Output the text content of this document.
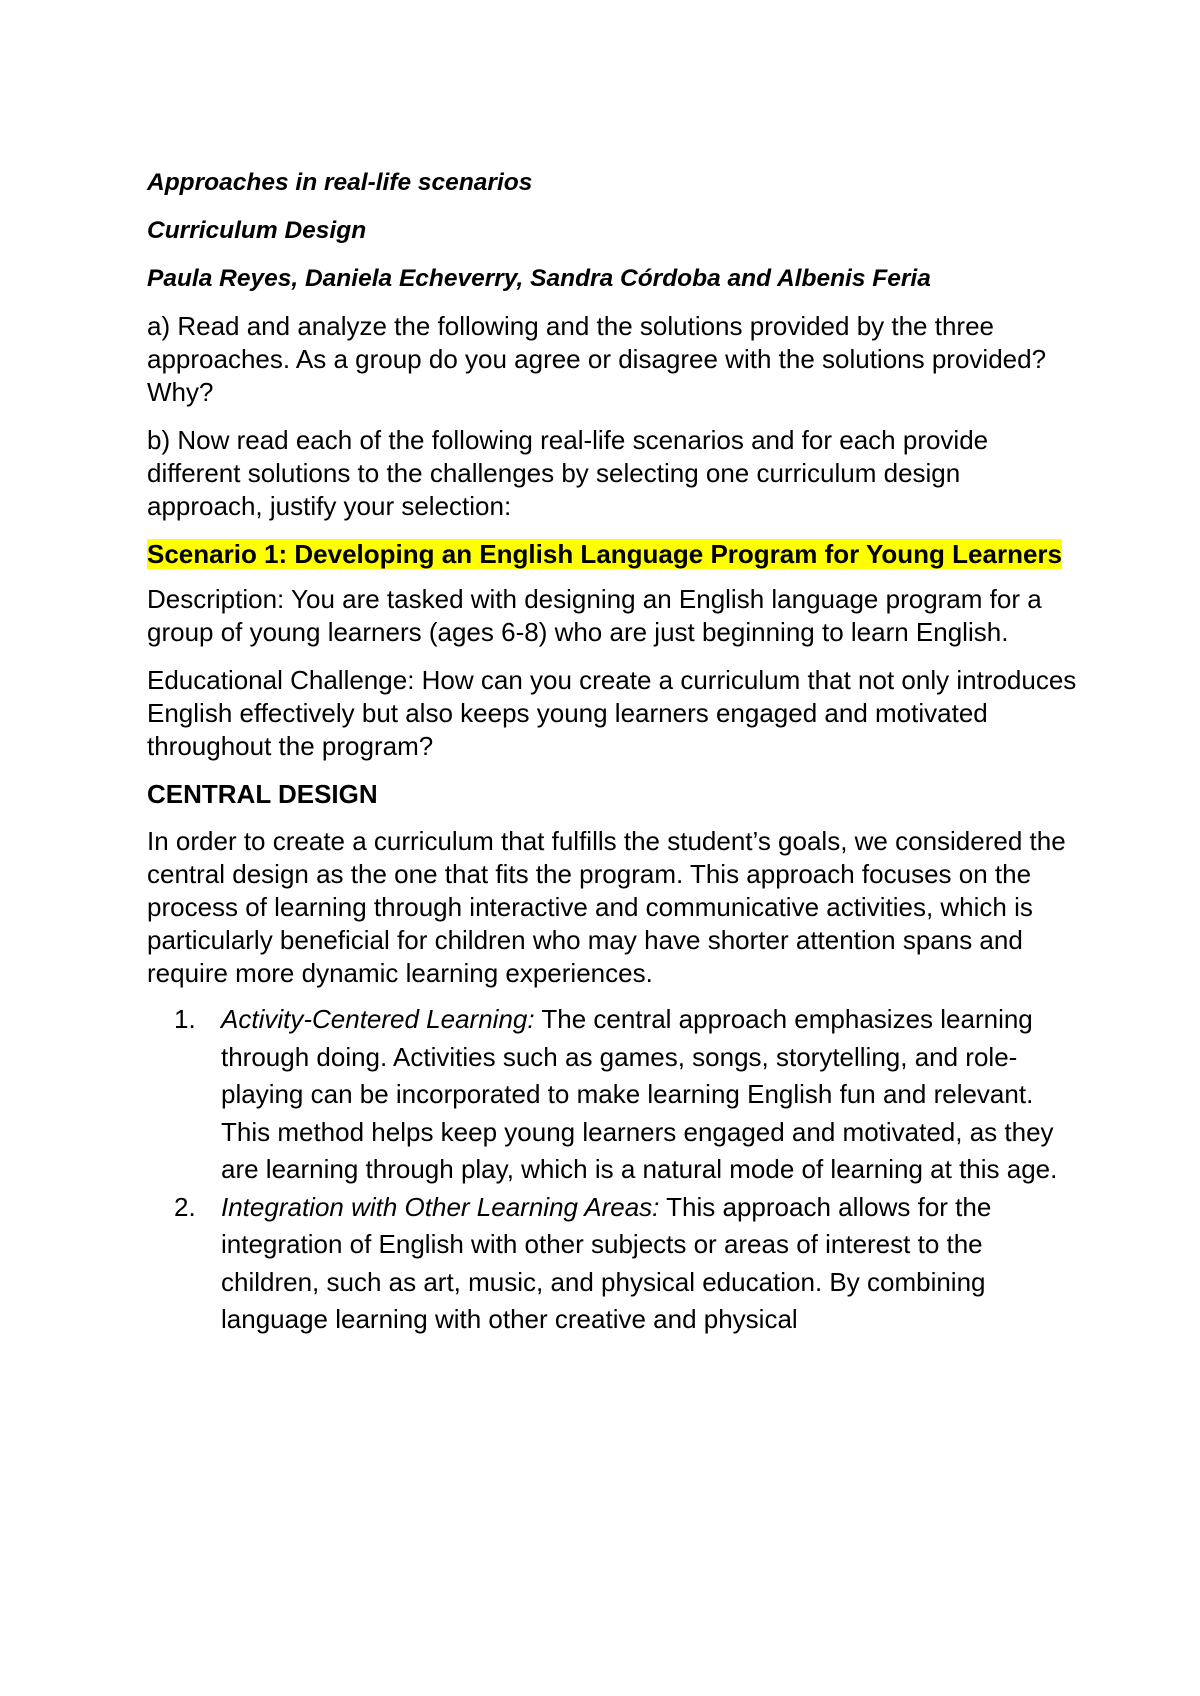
Approaches in real-life scenarios
Curriculum Design
Paula Reyes, Daniela Echeverry, Sandra Córdoba and Albenis Feria
a) Read and analyze the following and the solutions provided by the three approaches. As a group do you agree or disagree with the solutions provided? Why?
b) Now read each of the following real-life scenarios and for each provide different solutions to the challenges by selecting one curriculum design approach, justify your selection:
Scenario 1: Developing an English Language Program for Young Learners
Description: You are tasked with designing an English language program for a group of young learners (ages 6-8) who are just beginning to learn English.
Educational Challenge: How can you create a curriculum that not only introduces English effectively but also keeps young learners engaged and motivated throughout the program?
CENTRAL DESIGN
In order to create a curriculum that fulfills the student’s goals, we considered the central design as the one that fits the program. This approach focuses on the process of learning through interactive and communicative activities, which is particularly beneficial for children who may have shorter attention spans and require more dynamic learning experiences.
1. Activity-Centered Learning: The central approach emphasizes learning through doing. Activities such as games, songs, storytelling, and role-playing can be incorporated to make learning English fun and relevant. This method helps keep young learners engaged and motivated, as they are learning through play, which is a natural mode of learning at this age.
2. Integration with Other Learning Areas: This approach allows for the integration of English with other subjects or areas of interest to the children, such as art, music, and physical education. By combining language learning with other creative and physical
